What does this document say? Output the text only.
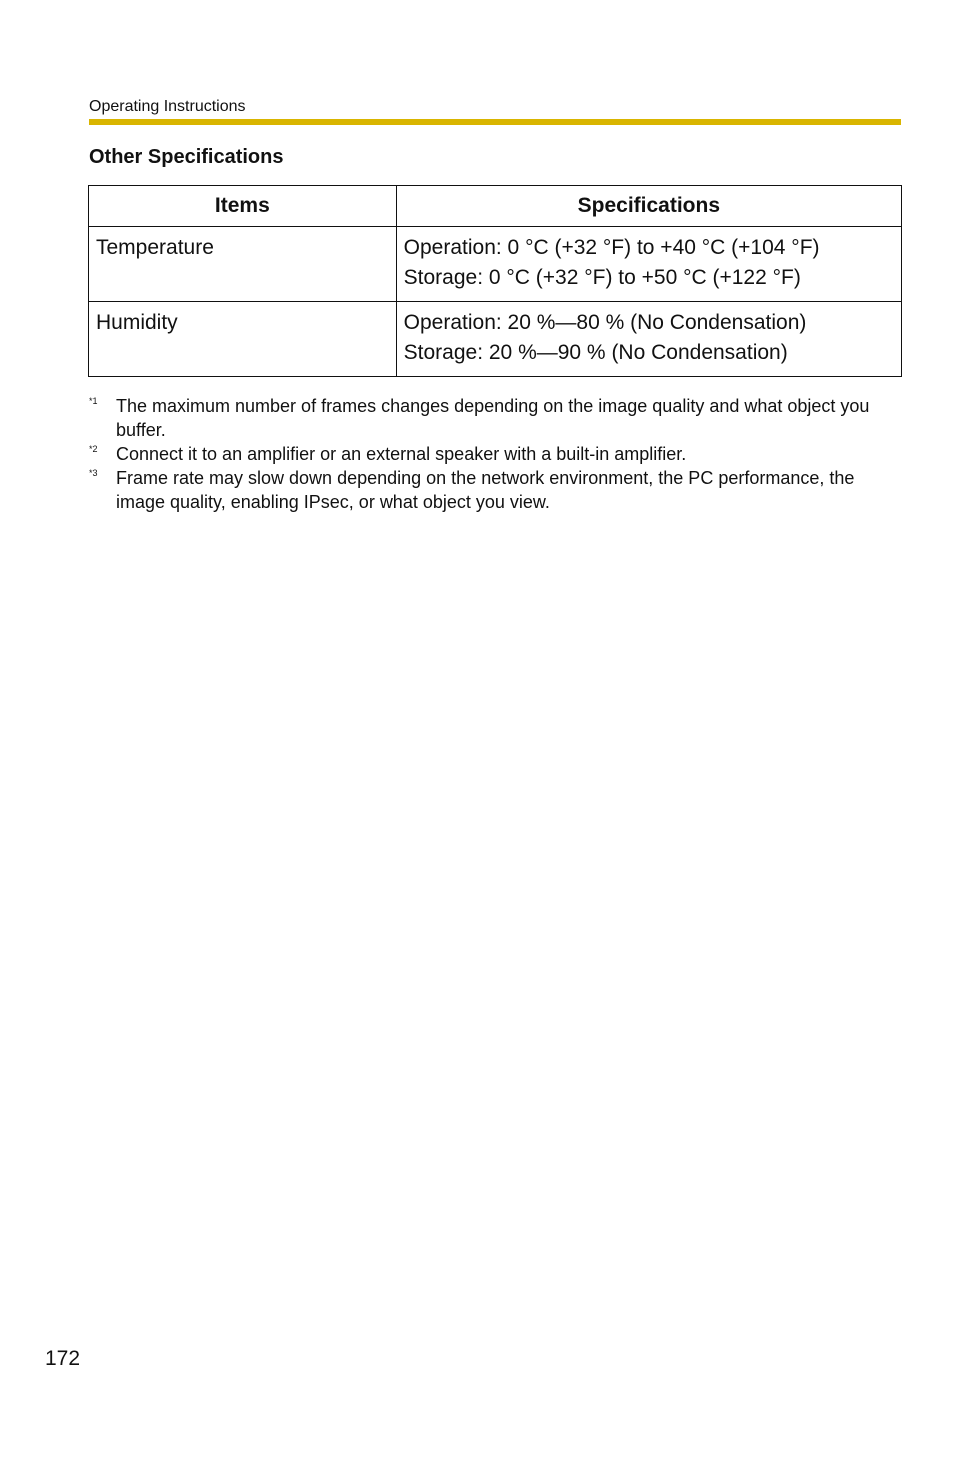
Operating Instructions
Other Specifications
Items	Specifications
Temperature	Operation: 0 °C (+32 °F) to +40 °C (+104 °F)
Storage: 0 °C (+32 °F) to +50 °C (+122 °F)

Humidity	Operation: 20 %—80 % (No Condensation)
Storage: 20 %—90 % (No Condensation)
*1 The maximum number of frames changes depending on the image quality and what object you buffer.
*2 Connect it to an amplifier or an external speaker with a built-in amplifier.
*3 Frame rate may slow down depending on the network environment, the PC performance, the image quality, enabling IPsec, or what object you view.
172
